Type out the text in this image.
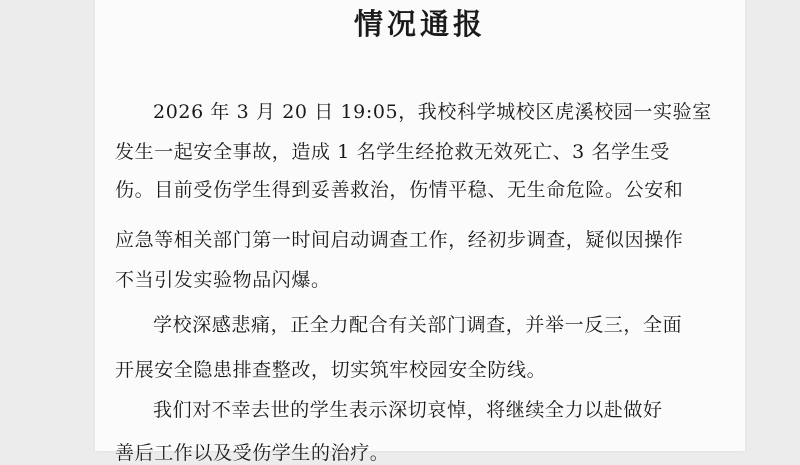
情况通报
2026 年 3 月 20 日 19:05，我校科学城校区虎溪校园一实验室
发生一起安全事故，造成 1 名学生经抢救无效死亡、3 名学生受
伤。目前受伤学生得到妥善救治，伤情平稳、无生命危险。公安和
应急等相关部门第一时间启动调查工作，经初步调查，疑似因操作
不当引发实验物品闪爆。
学校深感悲痛，正全力配合有关部门调查，并举一反三，全面
开展安全隐患排查整改，切实筑牢校园安全防线。
我们对不幸去世的学生表示深切哀悼，将继续全力以赴做好
善后工作以及受伤学生的治疗。
